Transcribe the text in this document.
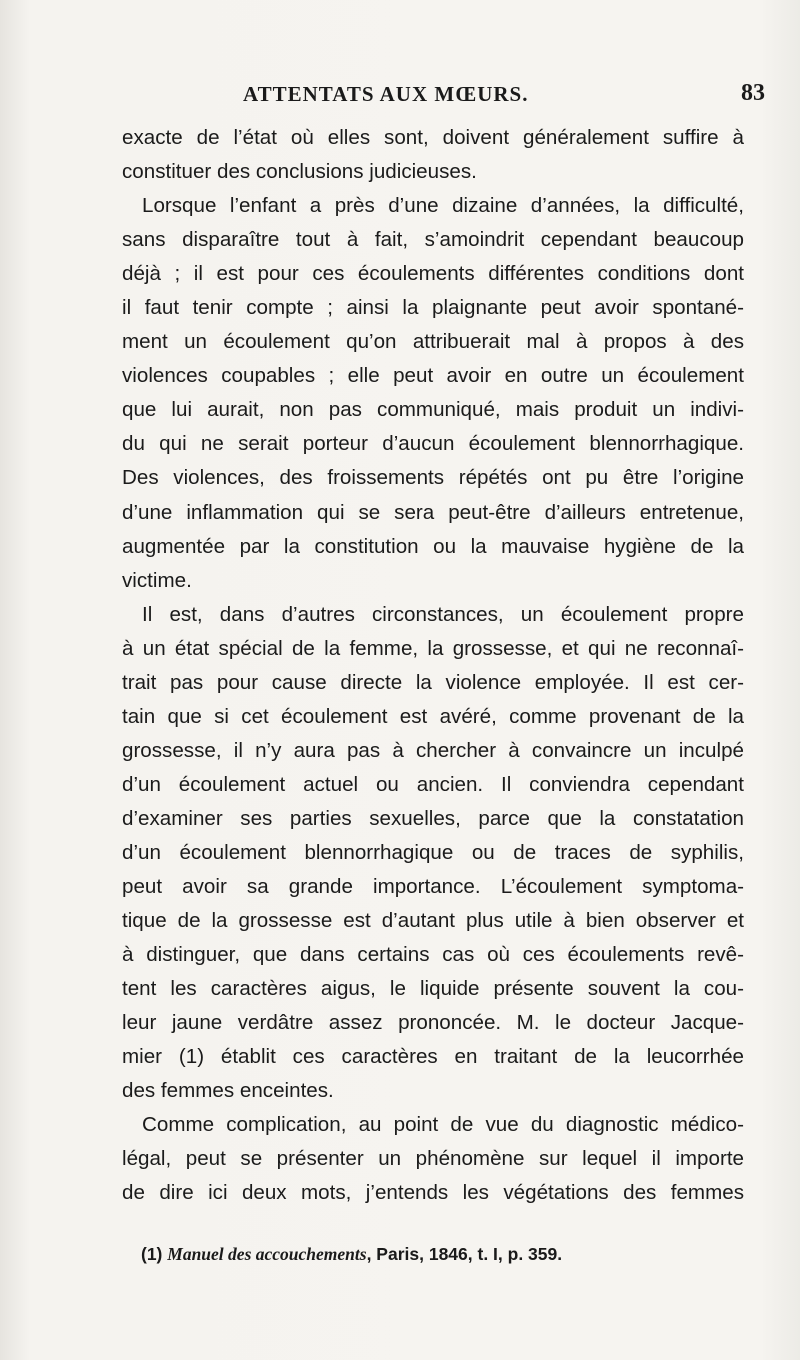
ATTENTATS AUX MŒURS.	83
exacte de l’état où elles sont, doivent généralement suffire à
constituer des conclusions judicieuses.
Lorsque l’enfant a près d’une dizaine d’années, la difficulté,
sans disparaître tout à fait, s’amoindrit cependant beaucoup
déjà ; il est pour ces écoulements différentes conditions dont
il faut tenir compte ; ainsi la plaignante peut avoir spontané-
ment un écoulement qu’on attribuerait mal à propos à des
violences coupables ; elle peut avoir en outre un écoulement
que lui aurait, non pas communiqué, mais produit un indivi-
du qui ne serait porteur d’aucun écoulement blennorrhagique.
Des violences, des froissements répétés ont pu être l’origine
d’une inflammation qui se sera peut-être d’ailleurs entretenue,
augmentée par la constitution ou la mauvaise hygiène de la
victime.
Il est, dans d’autres circonstances, un écoulement propre
à un état spécial de la femme, la grossesse, et qui ne reconnaî-
trait pas pour cause directe la violence employée. Il est cer-
tain que si cet écoulement est avéré, comme provenant de la
grossesse, il n’y aura pas à chercher à convaincre un inculpé
d’un écoulement actuel ou ancien. Il conviendra cependant
d’examiner ses parties sexuelles, parce que la constatation
d’un écoulement blennorrhagique ou de traces de syphilis,
peut avoir sa grande importance. L’écoulement symptoma-
tique de la grossesse est d’autant plus utile à bien observer et
à distinguer, que dans certains cas où ces écoulements revê-
tent les caractères aigus, le liquide présente souvent la cou-
leur jaune verdâtre assez prononcée. M. le docteur Jacque-
mier (1) établit ces caractères en traitant de la leucorrhée
des femmes enceintes.
Comme complication, au point de vue du diagnostic médico-
légal, peut se présenter un phénomène sur lequel il importe
de dire ici deux mots, j’entends les végétations des femmes
(1) Manuel des accouchements, Paris, 1846, t. I, p. 359.
